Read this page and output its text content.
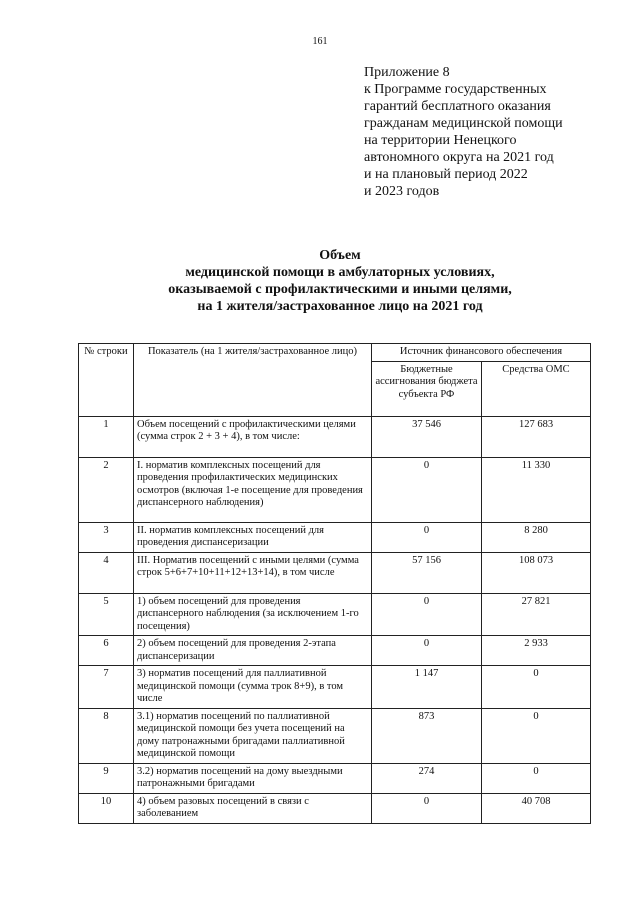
161
Приложение 8
к Программе государственных
гарантий бесплатного оказания
гражданам медицинской помощи
на территории Ненецкого
автономного округа на 2021 год
и на плановый период 2022
и 2023 годов
Объем
медицинской помощи в амбулаторных условиях,
оказываемой с профилактическими и иными целями,
на 1 жителя/застрахованное лицо на 2021 год
№ строки	Показатель (на 1 жителя/застрахованное лицо)	Источник финансового обеспечения	
		Бюджетные ассигнования бюджета субъекта РФ	Средства ОМС
1	Объем посещений с профилактическими целями (сумма строк 2 + 3 + 4), в том числе:	37 546	127 683
2	I. норматив комплексных посещений для проведения профилактических медицинских осмотров (включая 1-е посещение для проведения диспансерного наблюдения)	0	11 330
3	II. норматив комплексных посещений для проведения диспансеризации	0	8 280
4	III. Норматив посещений с иными целями (сумма строк 5+6+7+10+11+12+13+14), в том числе	57 156	108 073
5	1) объем посещений для проведения диспансерного наблюдения (за исключением 1-го посещения)	0	27 821
6	2) объем посещений для проведения 2-этапа диспансеризации	0	2 933
7	3) норматив посещений для паллиативной медицинской помощи (сумма трок 8+9), в том числе	1 147	0
8	3.1) норматив посещений по паллиативной медицинской помощи без учета посещений на дому патронажными бригадами паллиативной медицинской помощи	873	0
9	3.2) норматив посещений на дому выездными патронажными бригадами	274	0
10	4) объем разовых посещений в связи с заболеванием	0	40 708
